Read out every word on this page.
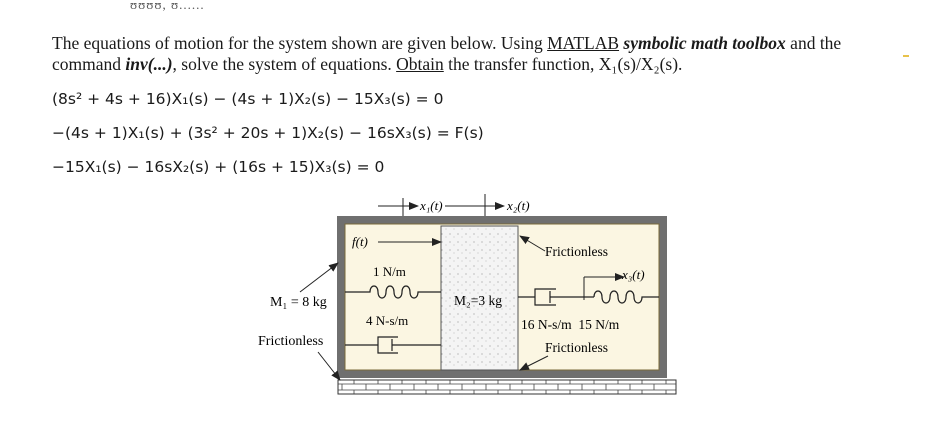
ʊʊʊʊ, ʊ......
The equations of motion for the system shown are given below. Using MATLAB symbolic math toolbox and the
command inv(...), solve the system of equations. Obtain the transfer function, X₁(s)/X₂(s).
(8s² + 4s + 16)X₁(s) − (4s + 1)X₂(s) − 15X₃(s) = 0
−(4s + 1)X₁(s) + (3s² + 20s + 1)X₂(s) − 16sX₃(s) = F(s)
−15X₁(s) − 16sX₂(s) + (16s + 15)X₃(s) = 0
x₁(t)	x₂(t)
f(t)
1 N/m
4 N-s/m
M₂=3 kg
Frictionless
x₃(t)
16 N-s/m  15 N/m
Frictionless
M₁ = 8 kg
Frictionless
